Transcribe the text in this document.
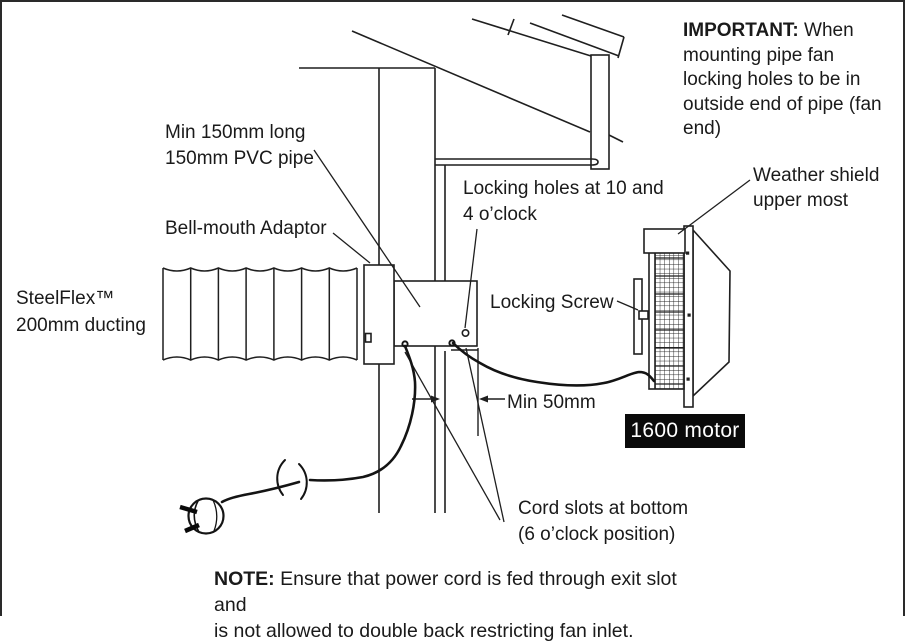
IMPORTANT: When
mounting pipe fan
locking holes to be in
outside end of pipe (fan
end)
Min 150mm long
150mm PVC pipe
Bell-mouth Adaptor
SteelFlex™
200mm ducting
Locking holes at 10 and
4 o’clock
Locking Screw
Weather shield
upper most
Min 50mm
1600 motor
Cord slots at bottom
(6 o’clock position)
NOTE: Ensure that power cord is fed through exit slot and
is not allowed to double back restricting fan inlet.
